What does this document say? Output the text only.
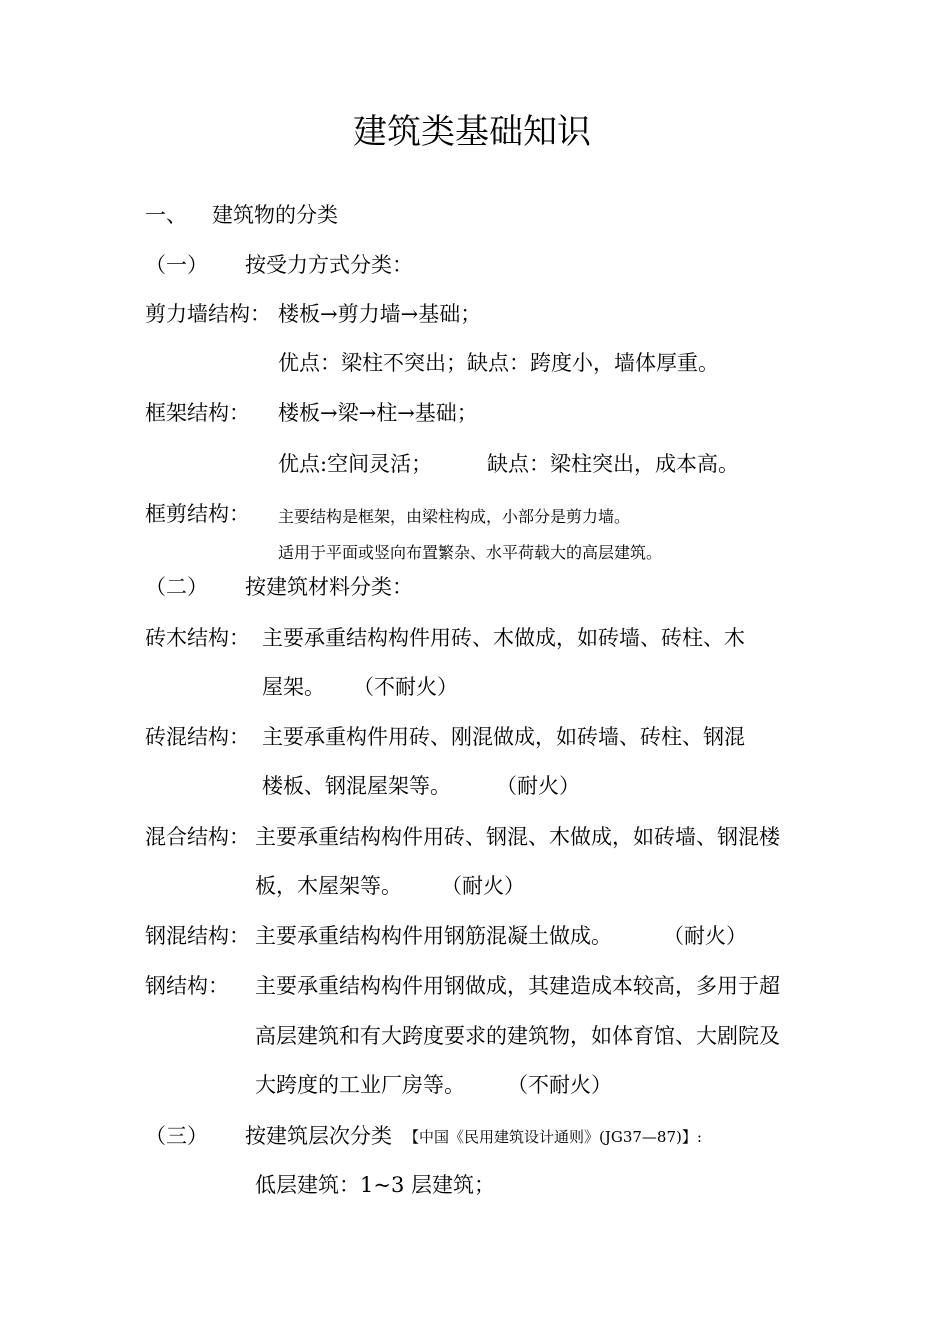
建筑类基础知识
一、 建筑物的分类
（一） 按受力方式分类：
剪力墙结构： 楼板→剪力墙→基础；
优点：梁柱不突出；缺点：跨度小，墙体厚重。
框架结构： 楼板→梁→柱→基础；
优点:空间灵活；	缺点：梁柱突出，成本高。
框剪结构： 主要结构是框架，由梁柱构成，小部分是剪力墙。
适用于平面或竖向布置繁杂、水平荷载大的高层建筑。
（二） 按建筑材料分类：
砖木结构： 主要承重结构构件用砖、木做成，如砖墙、砖柱、木
屋架。 （不耐火）
砖混结构： 主要承重构件用砖、刚混做成，如砖墙、砖柱、钢混
楼板、钢混屋架等。 （耐火）
混合结构： 主要承重结构构件用砖、钢混、木做成，如砖墙、钢混楼
板，木屋架等。 （耐火）
钢混结构： 主要承重结构构件用钢筋混凝土做成。 （耐火）
钢结构： 主要承重结构构件用钢做成，其建造成本较高，多用于超
高层建筑和有大跨度要求的建筑物，如体育馆、大剧院及
大跨度的工业厂房等。 （不耐火）
（三） 按建筑层次分类 【中国《民用建筑设计通则》(JG37—87)】:
低层建筑：1~3 层建筑；
